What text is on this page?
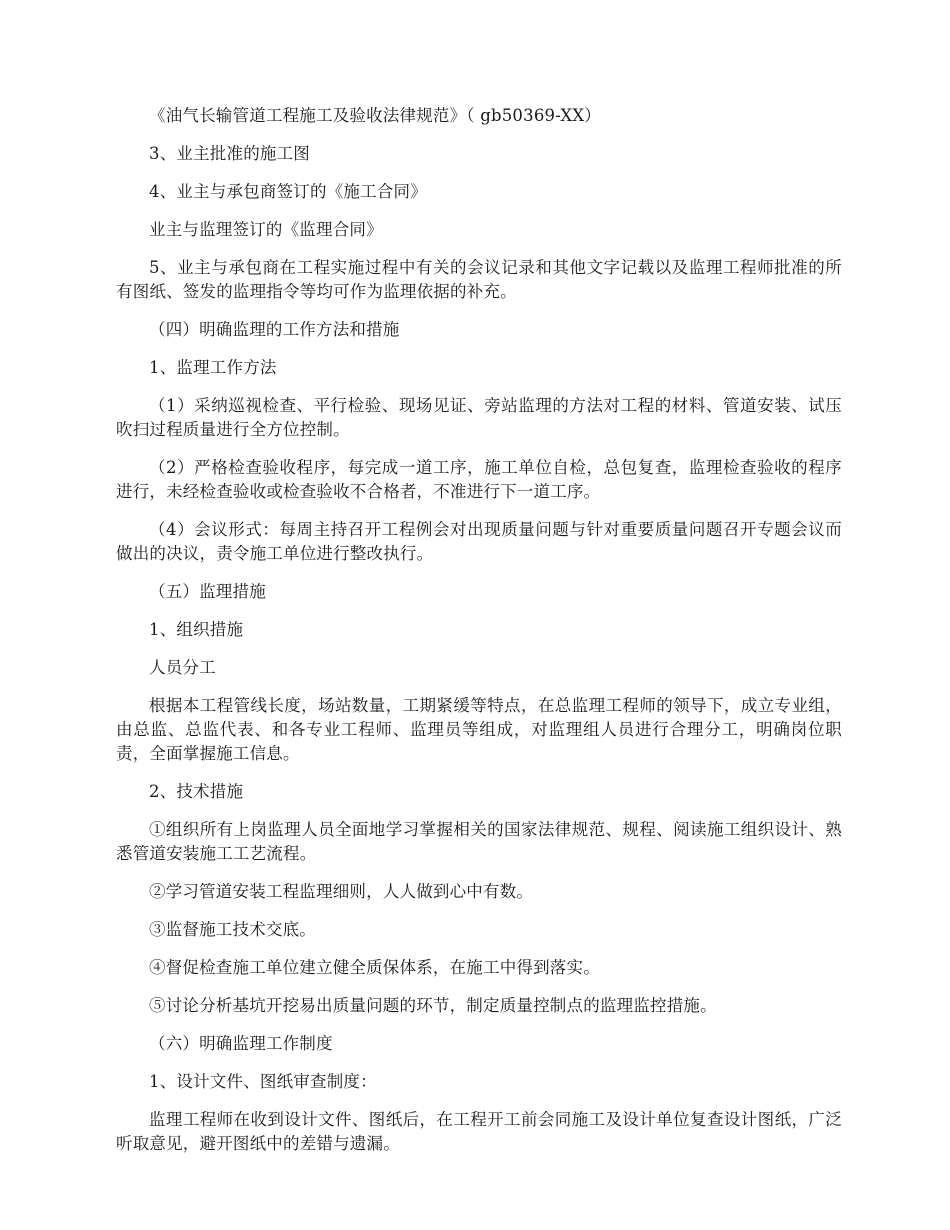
《油气长输管道工程施工及验收法律规范》（ gb50369-XX）

3、业主批准的施工图

4、业主与承包商签订的《施工合同》

业主与监理签订的《监理合同》

5、业主与承包商在工程实施过程中有关的会议记录和其他文字记载以及监理工程师批准的所有图纸、签发的监理指令等均可作为监理依据的补充。

（四）明确监理的工作方法和措施

1、监理工作方法

（1）采纳巡视检查、平行检验、现场见证、旁站监理的方法对工程的材料、管道安装、试压吹扫过程质量进行全方位控制。

（2）严格检查验收程序，每完成一道工序，施工单位自检，总包复查，监理检查验收的程序进行，未经检查验收或检查验收不合格者，不准进行下一道工序。

（4）会议形式：每周主持召开工程例会对出现质量问题与针对重要质量问题召开专题会议而做出的决议，责令施工单位进行整改执行。

（五）监理措施

1、组织措施

人员分工

根据本工程管线长度，场站数量，工期紧缓等特点，在总监理工程师的领导下，成立专业组，由总监、总监代表、和各专业工程师、监理员等组成，对监理组人员进行合理分工，明确岗位职责，全面掌握施工信息。

2、技术措施

①组织所有上岗监理人员全面地学习掌握相关的国家法律规范、规程、阅读施工组织设计、熟悉管道安装施工工艺流程。

②学习管道安装工程监理细则，人人做到心中有数。

③监督施工技术交底。

④督促检查施工单位建立健全质保体系，在施工中得到落实。

⑤讨论分析基坑开挖易出质量问题的环节，制定质量控制点的监理监控措施。

（六）明确监理工作制度

1、设计文件、图纸审查制度：

监理工程师在收到设计文件、图纸后，在工程开工前会同施工及设计单位复查设计图纸，广泛听取意见，避开图纸中的差错与遗漏。
